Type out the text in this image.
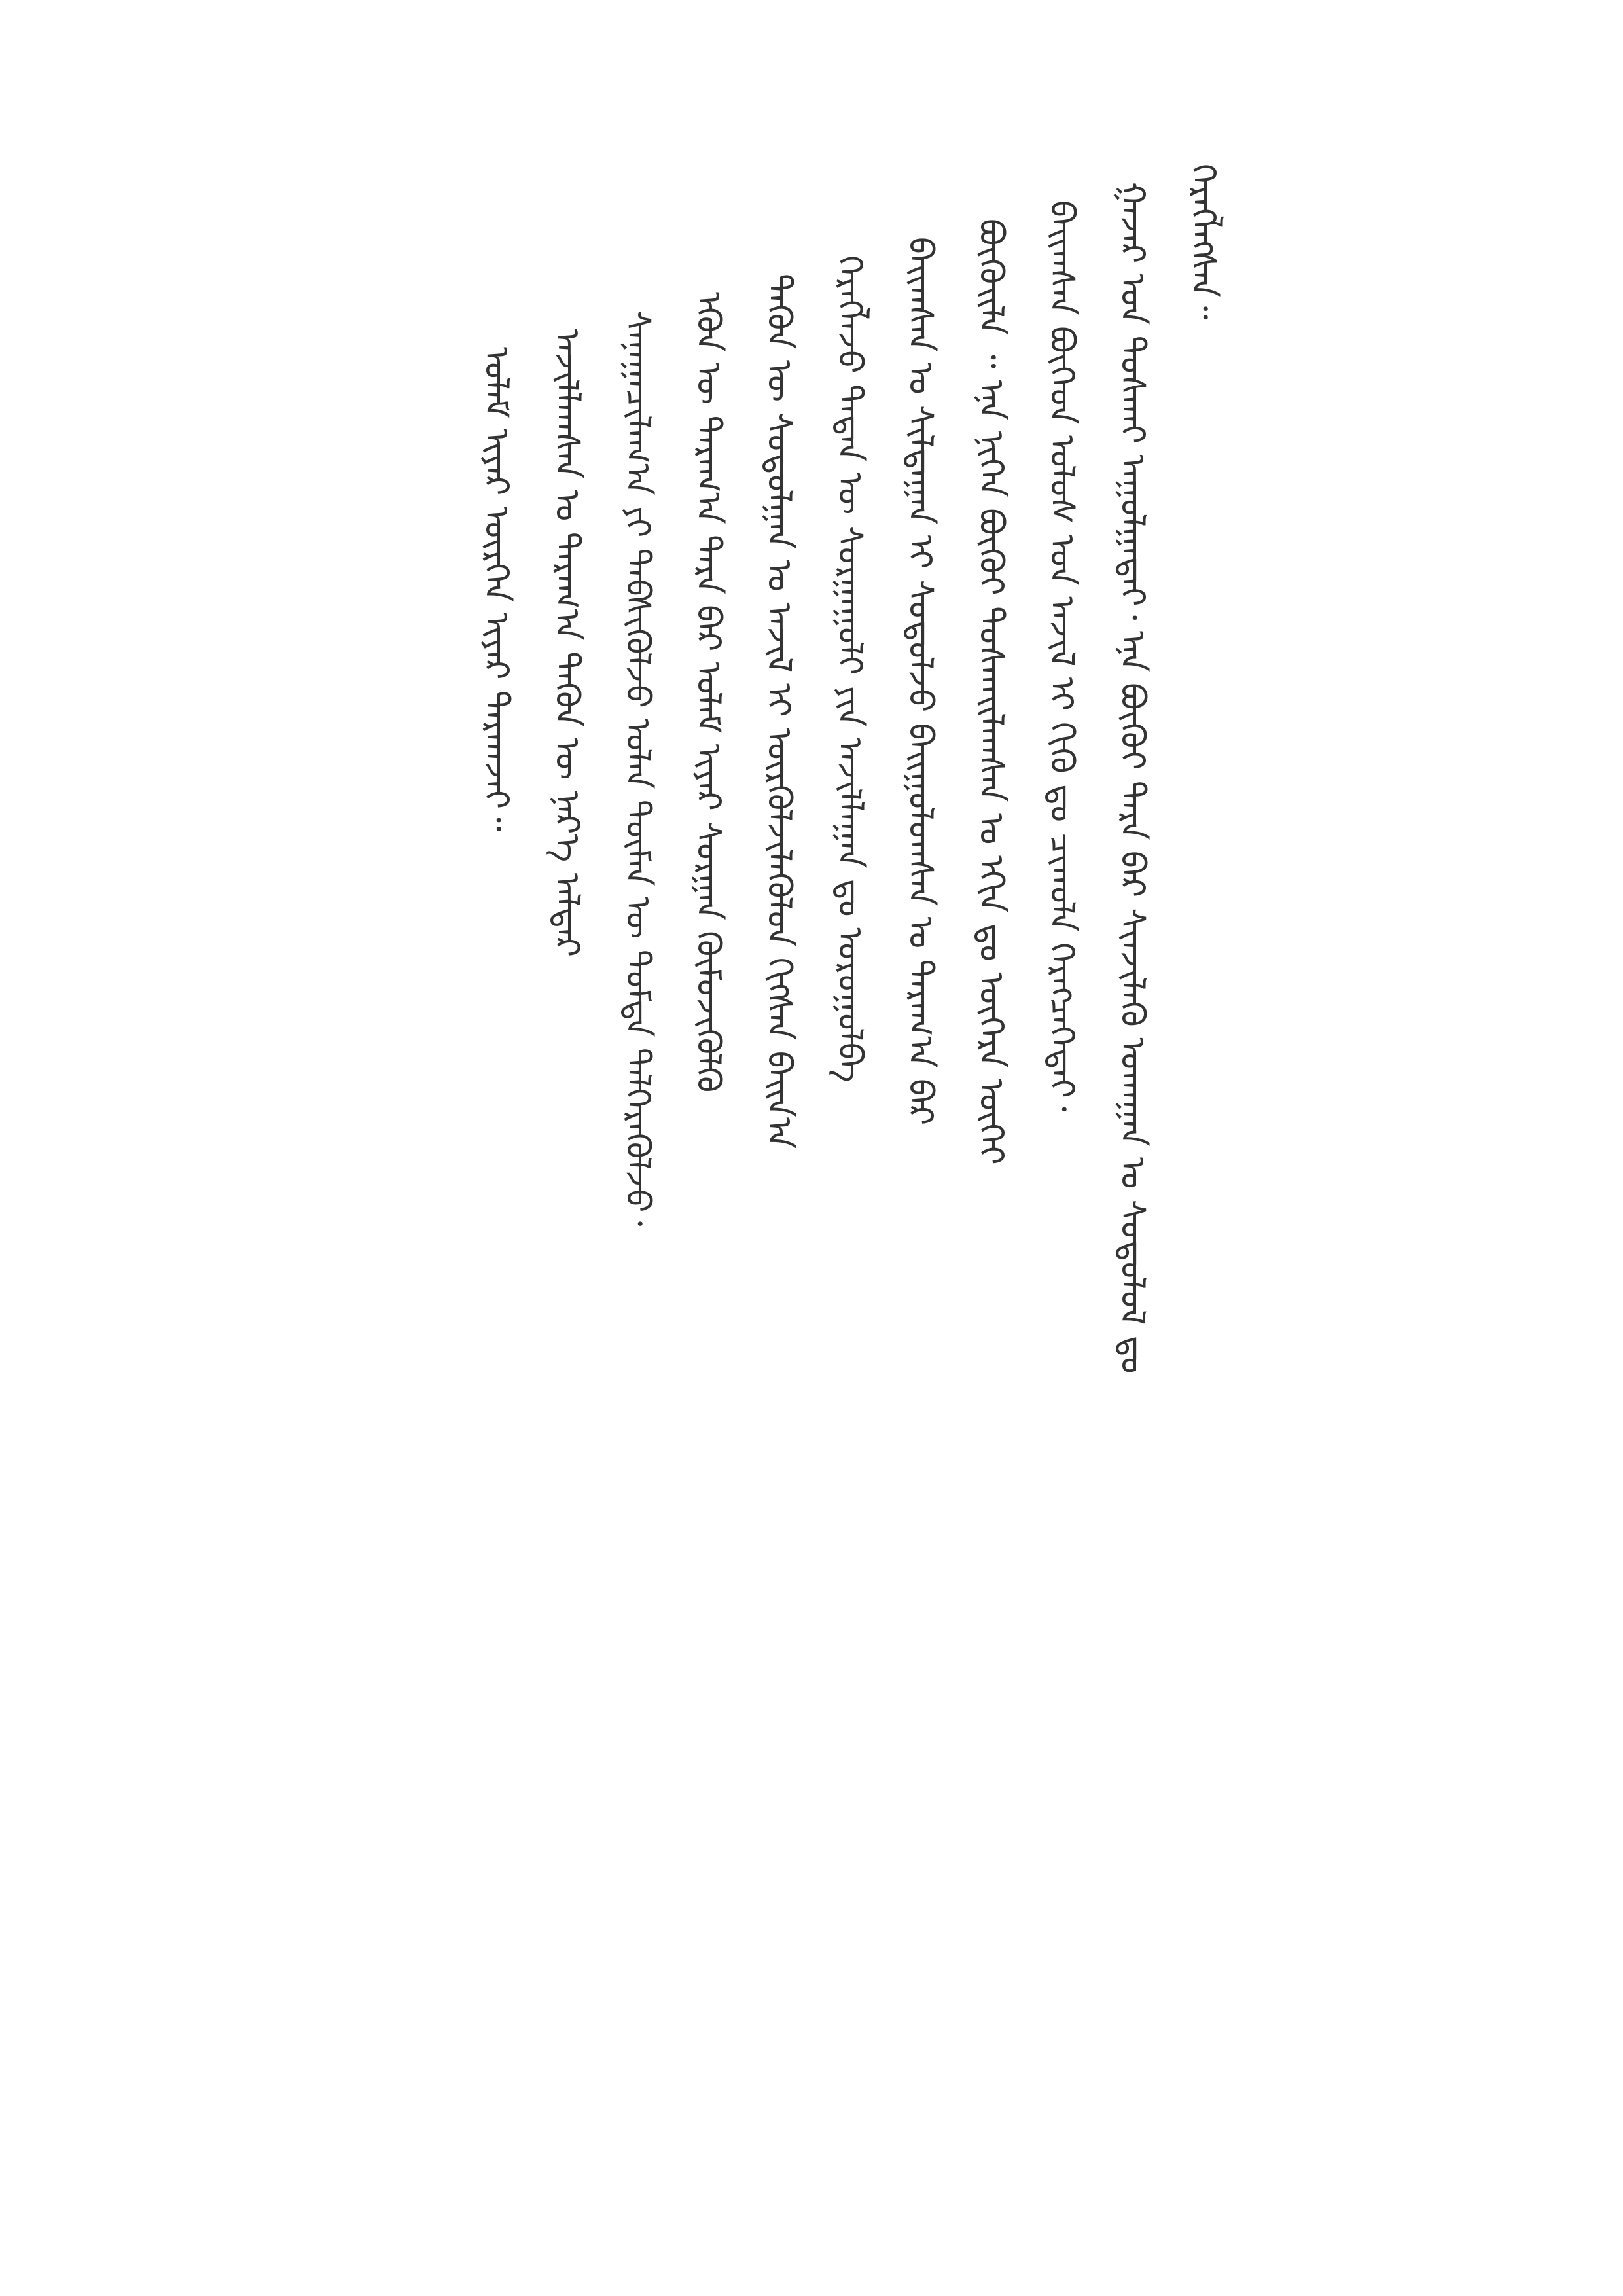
ᠬᠡᠷᠡᠭᠯᠡᠭᠰᠡᠨ᠃
ᠭᠠᠵᠠᠷ ᠤᠨ ᠲᠤᠰᠬᠠᠢ ᠠᠭᠤᠯᠭᠠᠲᠠᠢ᠂ ᠡᠨᠡ ᠪᠦᠬᠦᠢ ᠲᠡᠷᠡ ᠪᠡᠷ ᠰᠢᠨᠵᠢᠯᠡᠬᠦ ᠤᠬᠠᠭᠠᠨ ᠤ ᠰᠤᠳᠤᠯᠤᠯ ᠳᠤ
ᠪᠠᠢᠭᠰᠠᠨ ᠪᠦᠭᠡᠳ ᠤᠯᠤᠰ ᠤᠨ ᠠᠵᠢᠯ ᠢ ᠬᠢᠬᠦ ᠳᠤ ᠴᠢᠬᠤᠯᠠ ᠬᠡᠷᠡᠭᠴᠡᠭᠡᠲᠡᠢ᠂
ᠪᠦᠬᠦᠢᠯᠡ ᠃ ᠡᠨᠡ ᠨᠢᠭᠡᠨ ᠪᠦᠬᠦᠢ ᠲᠤᠰᠬᠠᠢᠯᠠᠭᠰᠠᠨ ᠤ ᠡᠬᠢᠨ ᠳᠤ ᠦᠭᠡᠷᠡ ᠦᠭᠡᠢ
ᠪᠠᠢᠭᠰᠠᠨ ᠤ ᠰᠢᠯᠲᠠᠭᠠᠨ ᠢ ᠰᠤᠳᠤᠯᠵᠤ ᠪᠠᠢᠭᠤᠯᠤᠭᠰᠠᠨ ᠤ ᠳᠠᠷᠠᠭ᠎ᠠ ᠪᠠᠷ
ᠬᠡᠷᠡᠭᠯᠡᠵᠦ ᠲᠡᠳᠡᠨ ᠦ ᠰᠤᠷᠭᠠᠭᠤᠯᠢ ᠶᠢᠨ ᠠᠵᠢᠯᠯᠠᠭᠠᠨ ᠳᠤ ᠤᠷᠤᠭᠤᠯᠪᠠ
ᠲᠡᠭᠦᠨ ᠦ ᠰᠤᠳᠤᠯᠭᠠᠨ ᠤ ᠠᠵᠢᠯ ᠢ ᠦᠷᠭᠦᠯᠵᠢᠯᠡᠭᠦᠯᠦᠨ ᠬᠢᠭᠰᠡᠨ ᠪᠠᠢᠨ᠎ᠠ
ᠡᠭᠦᠨ ᠦ ᠳᠠᠷᠠᠭ᠎ᠠ ᠲᠡᠷᠡ ᠪᠡᠷ ᠤᠯᠠᠮ ᠢᠶᠠᠷ ᠰᠤᠷᠭᠠᠨ ᠬᠦᠮᠦᠵᠢᠭᠦᠯᠬᠦ
ᠰᠠᠨᠠᠭᠠᠴᠢᠯᠠᠭ᠎ᠠ ᠶᠢ ᠳᠡᠪᠰᠢᠭᠦᠯᠵᠦ ᠤᠯᠠᠨ ᠲᠦᠮᠡᠨ ᠦ ᠳᠤᠮᠳᠠ ᠳᠡᠯᠭᠡᠷᠡᠭᠦᠯᠵᠦ᠂
ᠠᠵᠢᠯᠯᠠᠭᠰᠠᠨ ᠤ ᠳᠠᠷᠠᠭ᠎ᠠ ᠲᠡᠭᠦᠨ ᠦ ᠨᠡᠷ᠎ᠡ ᠠᠯᠳᠠᠷ
ᠤᠯᠠᠮ ᠢᠶᠠᠷ ᠦᠷᠭᠡᠨ ᠢᠶᠡᠷ ᠲᠠᠷᠬᠠᠵᠠᠢ᠃
